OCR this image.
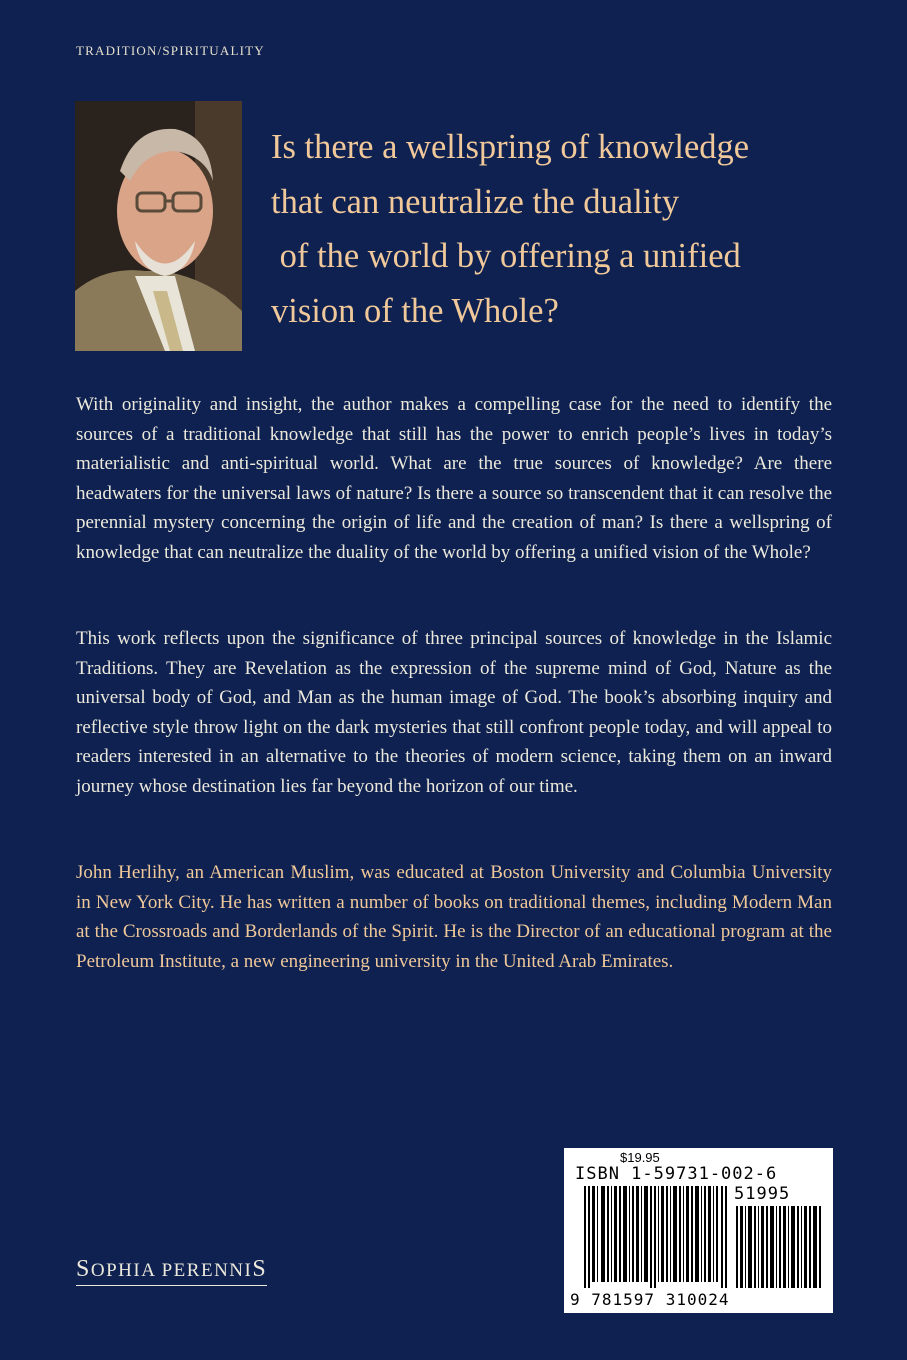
TRADITION/SPIRITUALITY
Is there a wellspring of knowledge
that can neutralize the duality
of the world by offering a unified
vision of the Whole?
With originality and insight, the author makes a compelling case for the need to identify the sources of a traditional knowledge that still has the power to enrich people’s lives in today’s materialistic and anti-spiritual world. What are the true sources of knowledge? Are there headwaters for the universal laws of nature? Is there a source so transcendent that it can resolve the perennial mystery concerning the origin of life and the creation of man? Is there a wellspring of knowledge that can neutralize the duality of the world by offering a unified vision of the Whole?
This work reflects upon the significance of three principal sources of knowledge in the Islamic Traditions. They are Revelation as the expression of the supreme mind of God, Nature as the universal body of God, and Man as the human image of God. The book’s absorbing inquiry and reflective style throw light on the dark mysteries that still confront people today, and will appeal to readers interested in an alternative to the theories of modern science, taking them on an inward journey whose destination lies far beyond the horizon of our time.
John Herlihy, an American Muslim, was educated at Boston University and Columbia University in New York City. He has written a number of books on traditional themes, including Modern Man at the Crossroads and Borderlands of the Spirit. He is the Director of an educational program at the Petroleum Institute, a new engineering university in the United Arab Emirates.
SOPHIA PERENNIS
$19.95
ISBN 1-59731-002-6
51995
9 781597 310024
